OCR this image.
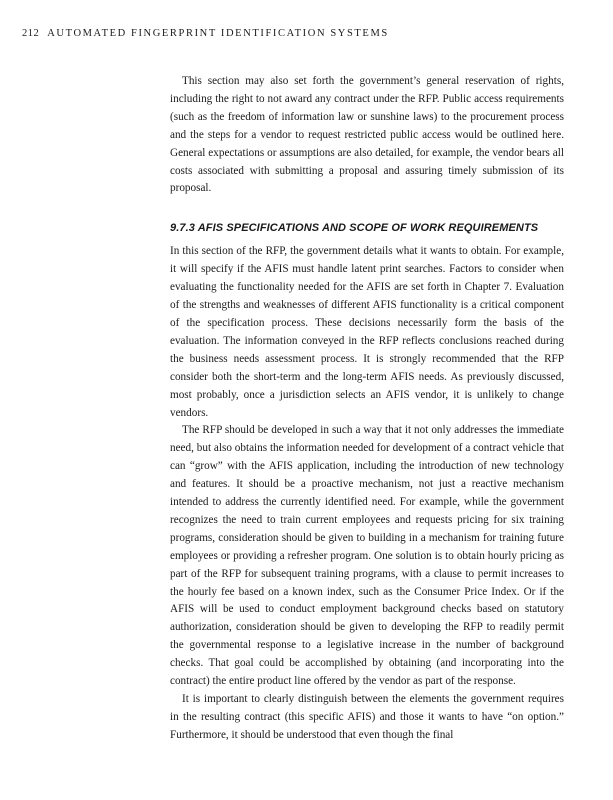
212 AUTOMATED FINGERPRINT IDENTIFICATION SYSTEMS

This section may also set forth the government’s general reservation of rights, including the right to not award any contract under the RFP. Public access requirements (such as the freedom of information law or sunshine laws) to the procurement process and the steps for a vendor to request restricted public access would be outlined here. General expectations or assumptions are also detailed, for example, the vendor bears all costs associated with submitting a proposal and assuring timely submission of its proposal.

9.7.3 AFIS SPECIFICATIONS AND SCOPE OF WORK REQUIREMENTS

In this section of the RFP, the government details what it wants to obtain. For example, it will specify if the AFIS must handle latent print searches. Factors to consider when evaluating the functionality needed for the AFIS are set forth in Chapter 7. Evaluation of the strengths and weaknesses of different AFIS functionality is a critical component of the specification process. These decisions necessarily form the basis of the evaluation. The information conveyed in the RFP reflects conclusions reached during the business needs assessment process. It is strongly recommended that the RFP consider both the short-term and the long-term AFIS needs. As previously discussed, most probably, once a jurisdiction selects an AFIS vendor, it is unlikely to change vendors.

The RFP should be developed in such a way that it not only addresses the immediate need, but also obtains the information needed for development of a contract vehicle that can “grow” with the AFIS application, including the introduction of new technology and features. It should be a proactive mechanism, not just a reactive mechanism intended to address the currently identified need. For example, while the government recognizes the need to train current employees and requests pricing for six training programs, consideration should be given to building in a mechanism for training future employees or providing a refresher program. One solution is to obtain hourly pricing as part of the RFP for subsequent training programs, with a clause to permit increases to the hourly fee based on a known index, such as the Consumer Price Index. Or if the AFIS will be used to conduct employment background checks based on statutory authorization, consideration should be given to developing the RFP to readily permit the governmental response to a legislative increase in the number of background checks. That goal could be accomplished by obtaining (and incorporating into the contract) the entire product line offered by the vendor as part of the response.

It is important to clearly distinguish between the elements the government requires in the resulting contract (this specific AFIS) and those it wants to have “on option.” Furthermore, it should be understood that even though the final
